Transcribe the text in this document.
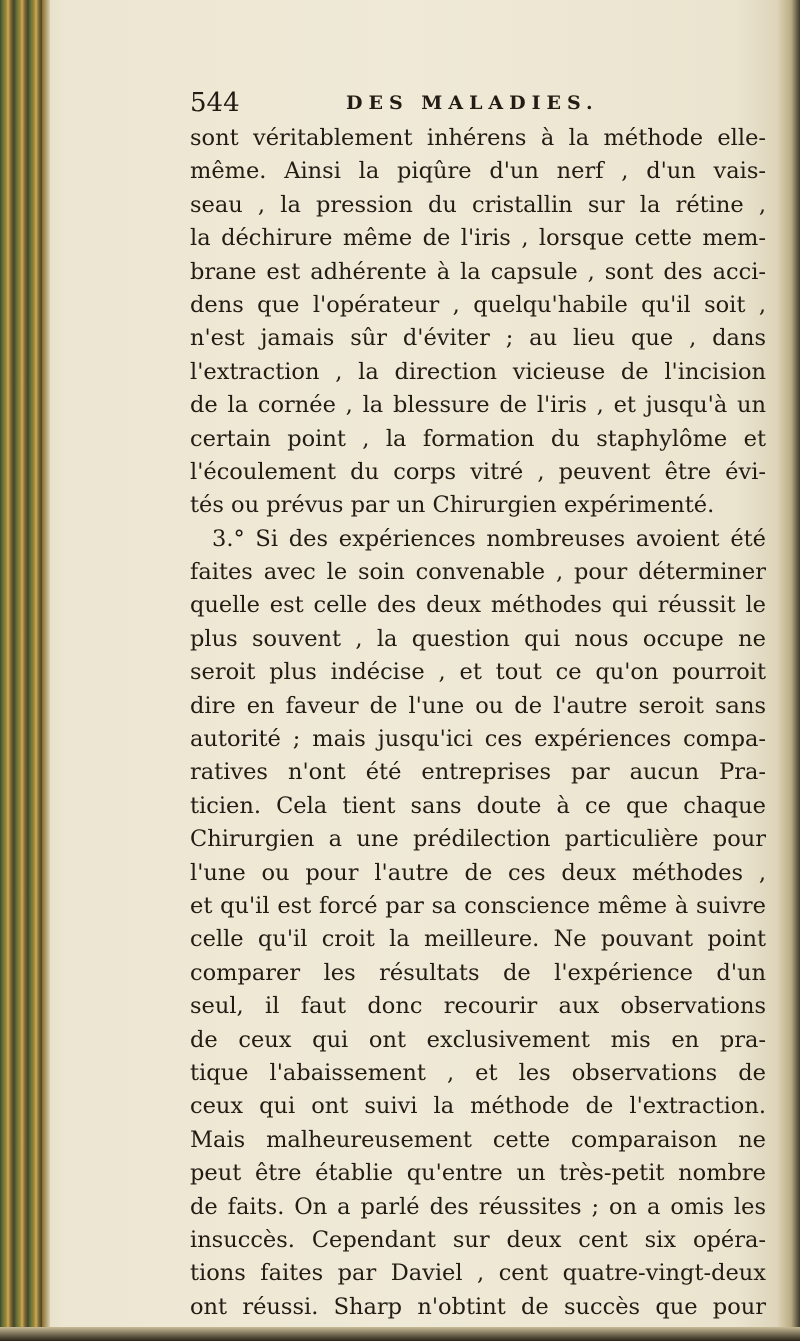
544	DES MALADIES.
sont véritablement inhérens à la méthode elle-
même. Ainsi la piqûre d'un nerf , d'un vais-
seau , la pression du cristallin sur la rétine ,
la déchirure même de l'iris , lorsque cette mem-
brane est adhérente à la capsule , sont des acci-
dens que l'opérateur , quelqu'habile qu'il soit ,
n'est jamais sûr d'éviter ; au lieu que , dans
l'extraction , la direction vicieuse de l'incision
de la cornée , la blessure de l'iris , et jusqu'à un
certain point , la formation du staphylôme et
l'écoulement du corps vitré , peuvent être évi-
tés ou prévus par un Chirurgien expérimenté.
3.° Si des expériences nombreuses avoient été
faites avec le soin convenable , pour déterminer
quelle est celle des deux méthodes qui réussit le
plus souvent , la question qui nous occupe ne
seroit plus indécise , et tout ce qu'on pourroit
dire en faveur de l'une ou de l'autre seroit sans
autorité ; mais jusqu'ici ces expériences compa-
ratives n'ont été entreprises par aucun Pra-
ticien. Cela tient sans doute à ce que chaque
Chirurgien a une prédilection particulière pour
l'une ou pour l'autre de ces deux méthodes ,
et qu'il est forcé par sa conscience même à suivre
celle qu'il croit la meilleure. Ne pouvant point
comparer les résultats de l'expérience d'un
seul, il faut donc recourir aux observations
de ceux qui ont exclusivement mis en pra-
tique l'abaissement , et les observations de
ceux qui ont suivi la méthode de l'extraction.
Mais malheureusement cette comparaison ne
peut être établie qu'entre un très-petit nombre
de faits. On a parlé des réussites ; on a omis les
insuccès. Cependant sur deux cent six opéra-
tions faites par Daviel , cent quatre-vingt-deux
ont réussi. Sharp n'obtint de succès que pour
